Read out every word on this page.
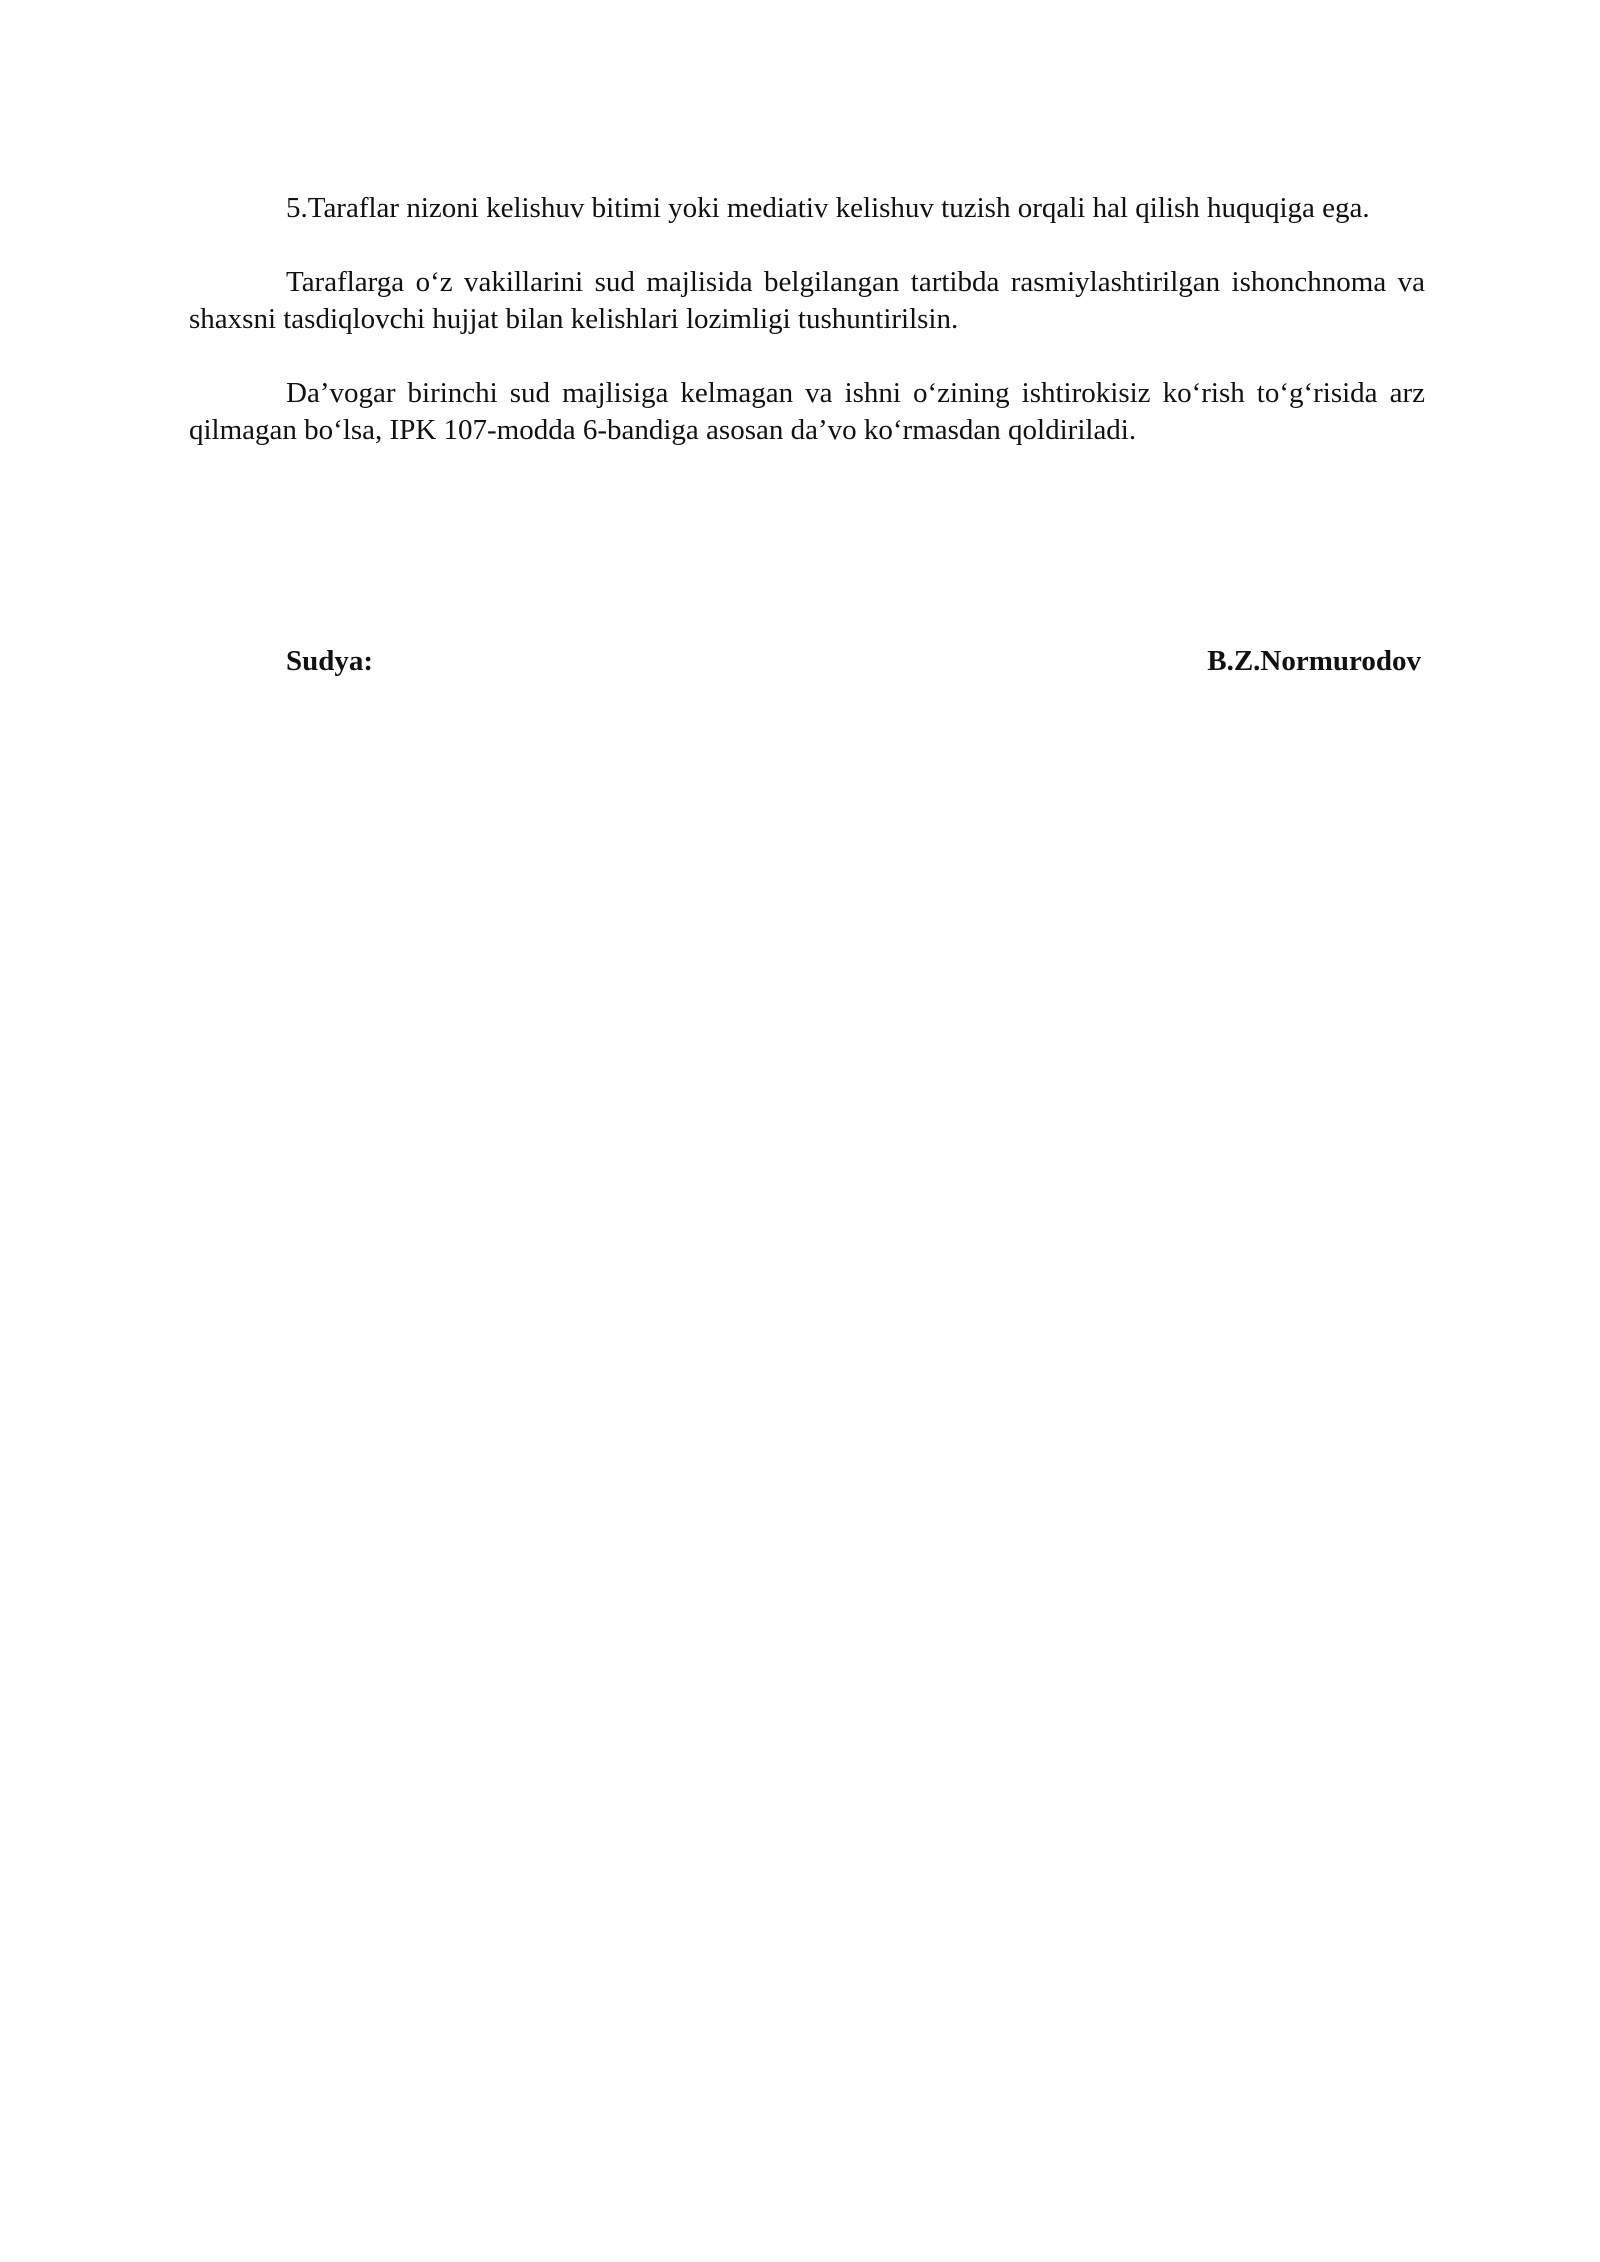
5.Taraflar nizoni kelishuv bitimi yoki mediativ kelishuv tuzish orqali hal qilish huquqiga ega.

Taraflarga o‘z vakillarini sud majlisida belgilangan tartibda rasmiylashtirilgan ishonchnoma va shaxsni tasdiqlovchi hujjat bilan kelishlari lozimligi tushuntirilsin.

Da’vogar birinchi sud majlisiga kelmagan va ishni o‘zining ishtirokisiz ko‘rish to‘g‘risida arz qilmagan bo‘lsa, IPK 107-modda 6-bandiga asosan da’vo ko‘rmasdan qoldiriladi.

Sudya:	B.Z.Normurodov
